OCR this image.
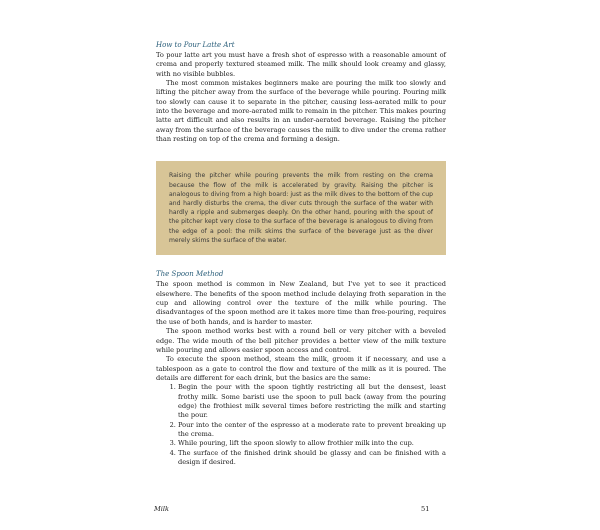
How to Pour Latte Art

To pour latte art you must have a fresh shot of espresso with a reasonable amount of crema and properly textured steamed milk. The milk should look creamy and glassy, with no visible bubbles.

The most common mistakes beginners make are pouring the milk too slowly and lifting the pitcher away from the surface of the beverage while pouring. Pouring milk too slowly can cause it to separate in the pitcher, causing less-aerated milk to pour into the beverage and more-aerated milk to remain in the pitcher. This makes pouring latte art difficult and also results in an under-aerated beverage. Raising the pitcher away from the surface of the beverage causes the milk to dive under the crema rather than resting on top of the crema and forming a design.

Raising the pitcher while pouring prevents the milk from resting on the crema because the flow of the milk is accelerated by gravity. Raising the pitcher is analogous to diving from a high board: just as the milk dives to the bottom of the cup and hardly disturbs the crema, the diver cuts through the surface of the water with hardly a ripple and submerges deeply. On the other hand, pouring with the spout of the pitcher kept very close to the surface of the beverage is analogous to diving from the edge of a pool: the milk skims the surface of the beverage just as the diver merely skims the surface of the water.
The Spoon Method

The spoon method is common in New Zealand, but I've yet to see it practiced elsewhere. The benefits of the spoon method include delaying froth separation in the cup and allowing control over the texture of the milk while pouring. The disadvantages of the spoon method are it takes more time than free-pouring, requires the use of both hands, and is harder to master.

The spoon method works best with a round bell or very pitcher with a beveled edge. The wide mouth of the bell pitcher provides a better view of the milk texture while pouring and allows easier spoon access and control.

To execute the spoon method, steam the milk, groom it if necessary, and use a tablespoon as a gate to control the flow and texture of the milk as it is poured. The details are different for each drink, but the basics are the same:

1. Begin the pour with the spoon tightly restricting all but the densest, least frothy milk. Some baristi use the spoon to pull back (away from the pouring edge) the frothiest milk several times before restricting the milk and starting the pour.
2. Pour into the center of the espresso at a moderate rate to prevent breaking up the crema.
3. While pouring, lift the spoon slowly to allow frothier milk into the cup.
4. The surface of the finished drink should be glassy and can be finished with a design if desired.
Milk	51
